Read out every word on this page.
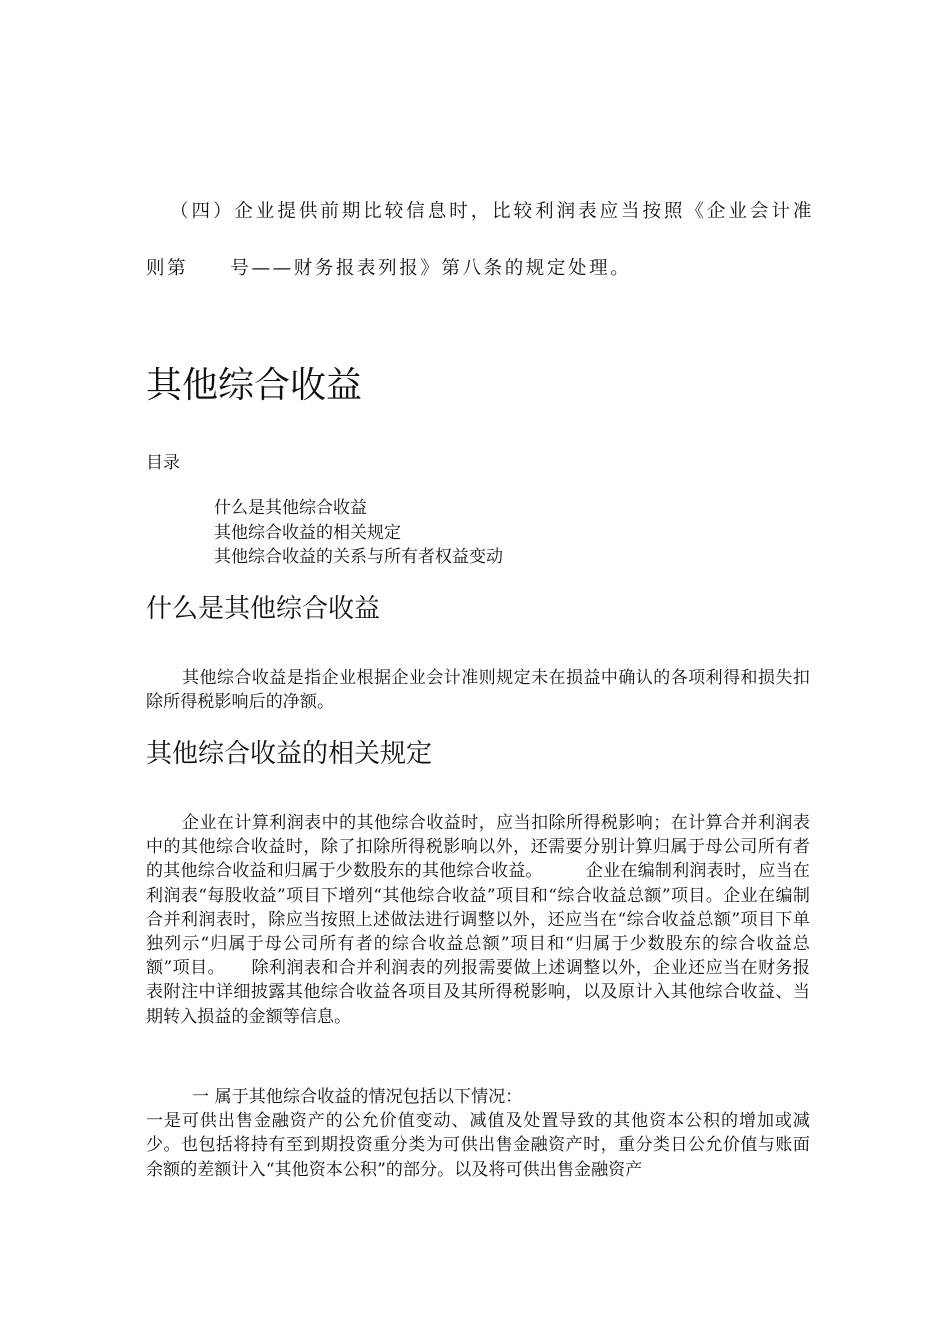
（四）企业提供前期比较信息时，比较利润表应当按照《企业会计准则第　　号——财务报表列报》第八条的规定处理。

其他综合收益
目录
什么是其他综合收益
其他综合收益的相关规定
其他综合收益的关系与所有者权益变动
什么是其他综合收益

其他综合收益是指企业根据企业会计准则规定未在损益中确认的各项利得和损失扣除所得税影响后的净额。

其他综合收益的相关规定

企业在计算利润表中的其他综合收益时，应当扣除所得税影响；在计算合并利润表中的其他综合收益时，除了扣除所得税影响以外，还需要分别计算归属于母公司所有者的其他综合收益和归属于少数股东的其他综合收益。　　　企业在编制利润表时，应当在利润表“每股收益”项目下增列“其他综合收益”项目和“综合收益总额”项目。企业在编制合并利润表时，除应当按照上述做法进行调整以外，还应当在“综合收益总额”项目下单独列示“归属于母公司所有者的综合收益总额”项目和“归属于少数股东的综合收益总额”项目。　　除利润表和合并利润表的列报需要做上述调整以外，企业还应当在财务报表附注中详细披露其他综合收益各项目及其所得税影响，以及原计入其他综合收益、当期转入损益的金额等信息。

一 属于其他综合收益的情况包括以下情况：
一是可供出售金融资产的公允价值变动、减值及处置导致的其他资本公积的增加或减少。也包括将持有至到期投资重分类为可供出售金融资产时，重分类日公允价值与账面余额的差额计入“其他资本公积”的部分。以及将可供出售金融资产
